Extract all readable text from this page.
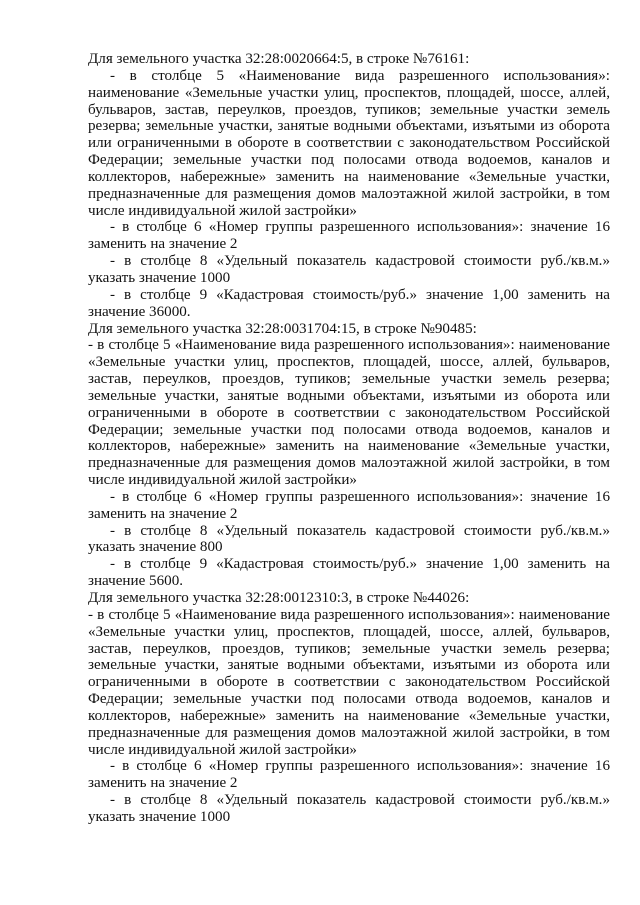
Для земельного участка 32:28:0020664:5, в строке №76161:

- в столбце 5 «Наименование вида разрешенного использования»: наименование «Земельные участки улиц, проспектов, площадей, шоссе, аллей, бульваров, застав, переулков, проездов, тупиков; земельные участки земель резерва; земельные участки, занятые водными объектами, изъятыми из оборота или ограниченными в обороте в соответствии с законодательством Российской Федерации; земельные участки под полосами отвода водоемов, каналов и коллекторов, набережные» заменить на наименование «Земельные участки, предназначенные для размещения домов малоэтажной жилой застройки, в том числе индивидуальной жилой застройки»

- в столбце 6 «Номер группы разрешенного использования»: значение 16 заменить на значение 2

- в столбце 8 «Удельный показатель кадастровой стоимости руб./кв.м.» указать значение 1000

- в столбце 9 «Кадастровая стоимость/руб.» значение 1,00 заменить на значение 36000.

Для земельного участка 32:28:0031704:15, в строке №90485:

- в столбце 5 «Наименование вида разрешенного использования»: наименование «Земельные участки улиц, проспектов, площадей, шоссе, аллей, бульваров, застав, переулков, проездов, тупиков; земельные участки земель резерва; земельные участки, занятые водными объектами, изъятыми из оборота или ограниченными в обороте в соответствии с законодательством Российской Федерации; земельные участки под полосами отвода водоемов, каналов и коллекторов, набережные» заменить на наименование «Земельные участки, предназначенные для размещения домов малоэтажной жилой застройки, в том числе индивидуальной жилой застройки»

- в столбце 6 «Номер группы разрешенного использования»: значение 16 заменить на значение 2

- в столбце 8 «Удельный показатель кадастровой стоимости руб./кв.м.» указать значение 800

- в столбце 9 «Кадастровая стоимость/руб.» значение 1,00 заменить на значение 5600.

Для земельного участка 32:28:0012310:3, в строке №44026:

- в столбце 5 «Наименование вида разрешенного использования»: наименование «Земельные участки улиц, проспектов, площадей, шоссе, аллей, бульваров, застав, переулков, проездов, тупиков; земельные участки земель резерва; земельные участки, занятые водными объектами, изъятыми из оборота или ограниченными в обороте в соответствии с законодательством Российской Федерации; земельные участки под полосами отвода водоемов, каналов и коллекторов, набережные» заменить на наименование «Земельные участки, предназначенные для размещения домов малоэтажной жилой застройки, в том числе индивидуальной жилой застройки»

- в столбце 6 «Номер группы разрешенного использования»: значение 16 заменить на значение 2

- в столбце 8 «Удельный показатель кадастровой стоимости руб./кв.м.» указать значение 1000
